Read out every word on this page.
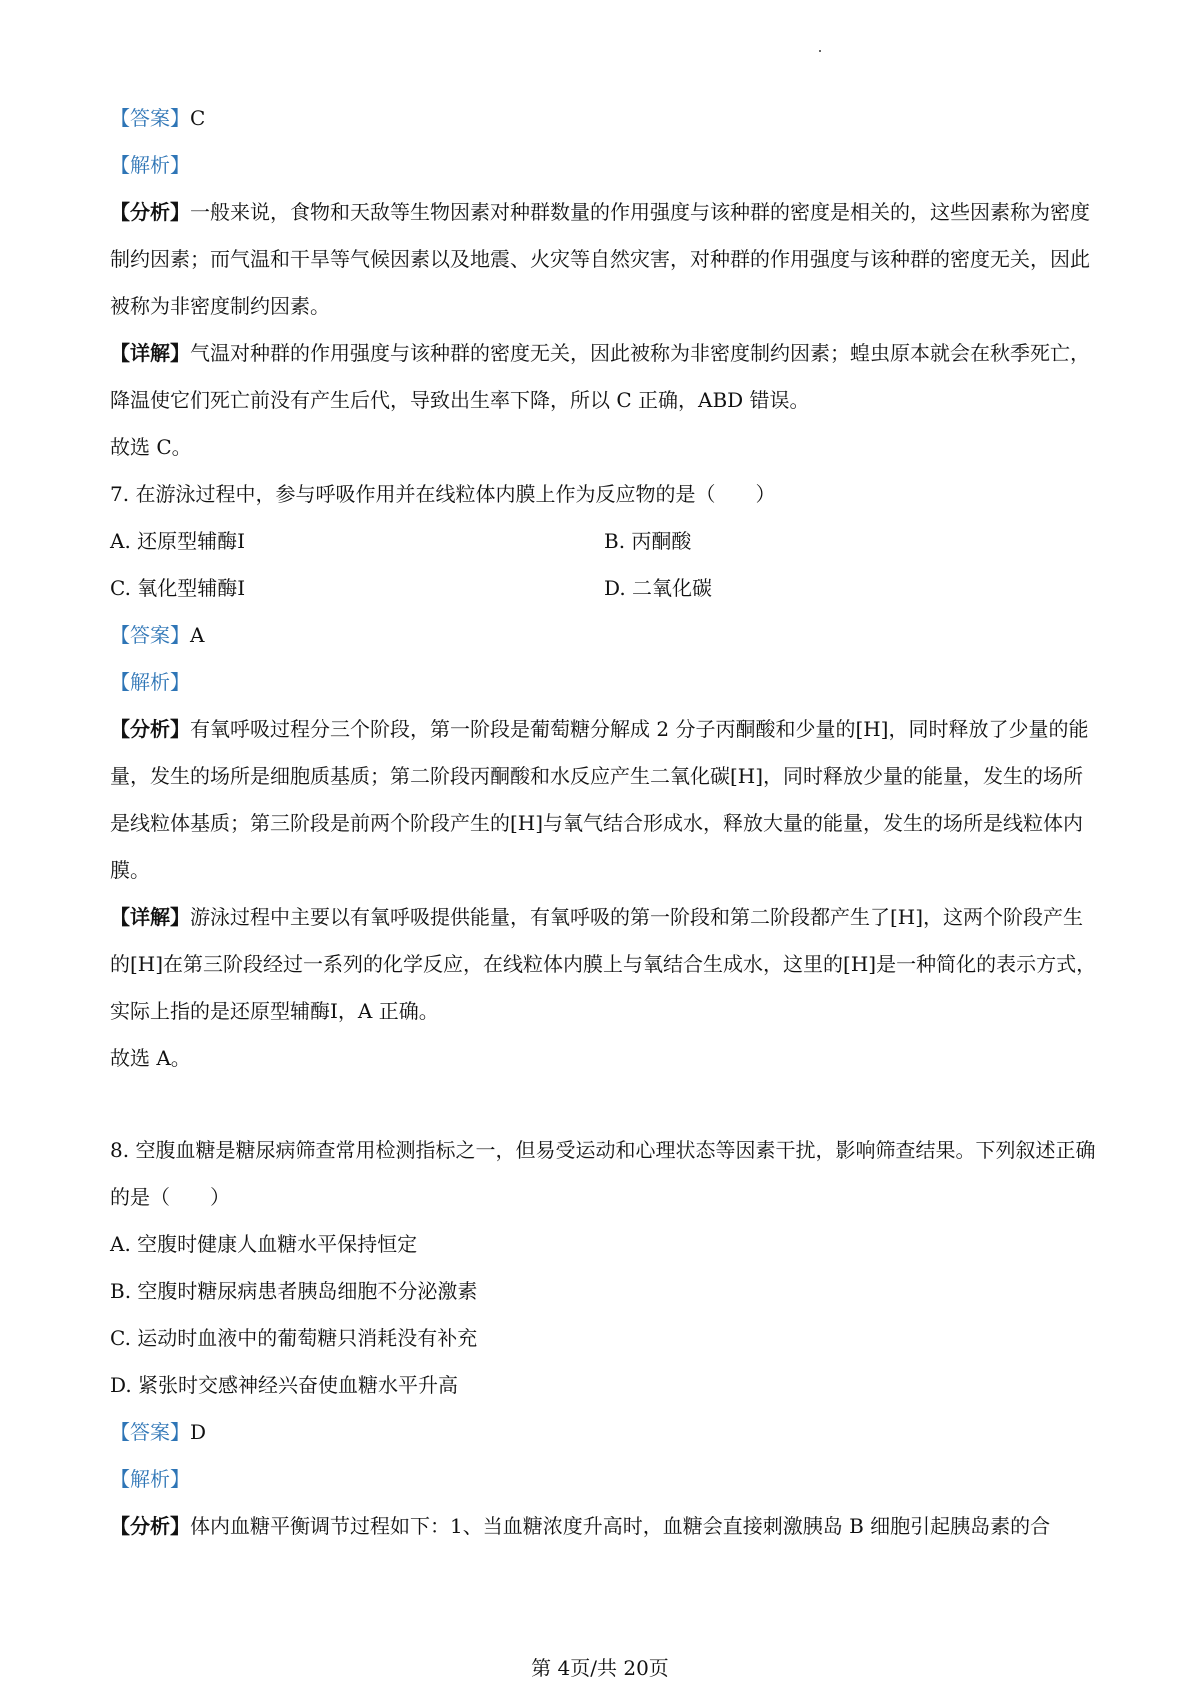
【答案】C
【解析】
【分析】一般来说，食物和天敌等生物因素对种群数量的作用强度与该种群的密度是相关的，这些因素称为密度制约因素；而气温和干旱等气候因素以及地震、火灾等自然灾害，对种群的作用强度与该种群的密度无关，因此被称为非密度制约因素。
【详解】气温对种群的作用强度与该种群的密度无关，因此被称为非密度制约因素；蝗虫原本就会在秋季死亡，降温使它们死亡前没有产生后代，导致出生率下降，所以 C 正确，ABD 错误。
故选 C。
7. 在游泳过程中，参与呼吸作用并在线粒体内膜上作为反应物的是（　　）
A. 还原型辅酶Ⅰ	B. 丙酮酸
C. 氧化型辅酶Ⅰ	D. 二氧化碳
【答案】A
【解析】
【分析】有氧呼吸过程分三个阶段，第一阶段是葡萄糖分解成 2 分子丙酮酸和少量的[H]，同时释放了少量的能量，发生的场所是细胞质基质；第二阶段丙酮酸和水反应产生二氧化碳[H]，同时释放少量的能量，发生的场所是线粒体基质；第三阶段是前两个阶段产生的[H]与氧气结合形成水，释放大量的能量，发生的场所是线粒体内膜。
【详解】游泳过程中主要以有氧呼吸提供能量，有氧呼吸的第一阶段和第二阶段都产生了[H]，这两个阶段产生的[H]在第三阶段经过一系列的化学反应，在线粒体内膜上与氧结合生成水，这里的[H]是一种简化的表示方式，实际上指的是还原型辅酶Ⅰ，A 正确。
故选 A。
8. 空腹血糖是糖尿病筛查常用检测指标之一，但易受运动和心理状态等因素干扰，影响筛查结果。下列叙述正确的是（　　）
A. 空腹时健康人血糖水平保持恒定
B. 空腹时糖尿病患者胰岛细胞不分泌激素
C. 运动时血液中的葡萄糖只消耗没有补充
D. 紧张时交感神经兴奋使血糖水平升高
【答案】D
【解析】
【分析】体内血糖平衡调节过程如下：1、当血糖浓度升高时，血糖会直接刺激胰岛 B 细胞引起胰岛素的合
第 4页/共 20页
